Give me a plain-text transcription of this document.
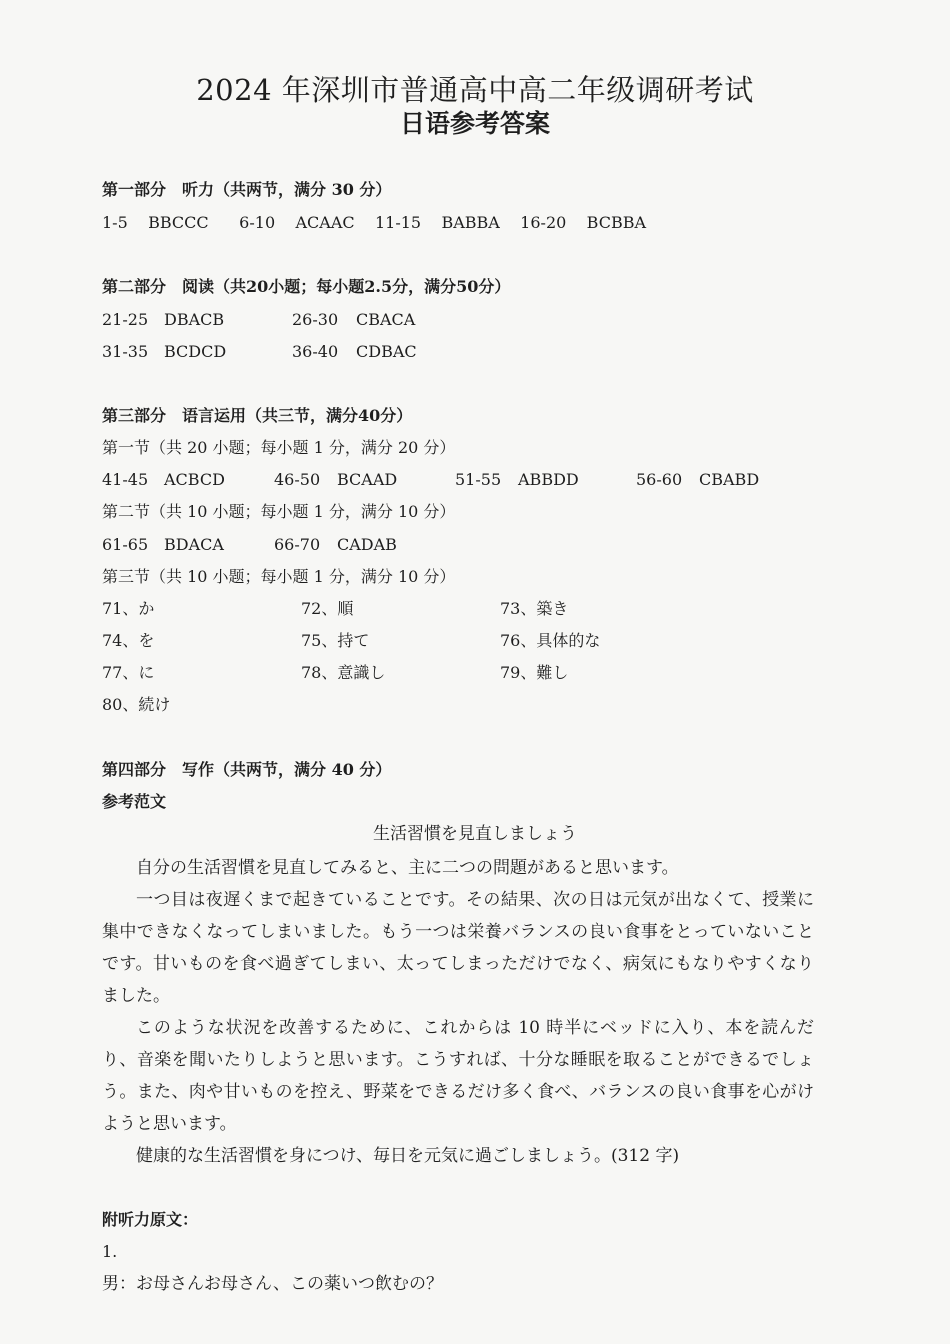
2024 年深圳市普通高中高二年级调研考试
日语参考答案
第一部分　听力（共两节，满分 30 分）
1-5 BBCCC 6-10 ACAAC 11-15 BABBA 16-20 BCBBA
第二部分　阅读（共20小题；每小题2.5分，满分50分）
21-25 DBACB	26-30 CBACA
31-35 BCDCD	36-40 CDBAC
第三部分　语言运用（共三节，满分40分）
第一节（共 20 小题；每小题 1 分，满分 20 分）
41-45 ACBCD	46-50 BCAAD	51-55 ABBDD	56-60 CBABD
第二节（共 10 小题；每小题 1 分，满分 10 分）
61-65 BDACA	66-70 CADAB
第三节（共 10 小题；每小题 1 分，满分 10 分）
71、か	72、順	73、築き
74、を	75、持て	76、具体的な
77、に	78、意識し	79、難し
80、続け
第四部分　写作（共两节，满分 40 分）
参考范文
生活習慣を見直しましょう

自分の生活習慣を見直してみると、主に二つの問題があると思います。

一つ目は夜遅くまで起きていることです。その結果、次の日は元気が出なくて、授業に集中できなくなってしまいました。もう一つは栄養バランスの良い食事をとっていないことです。甘いものを食べ過ぎてしまい、太ってしまっただけでなく、病気にもなりやすくなりました。

このような状況を改善するために、これからは 10 時半にベッドに入り、本を読んだり、音楽を聞いたりしようと思います。こうすれば、十分な睡眠を取ることができるでしょう。また、肉や甘いものを控え、野菜をできるだけ多く食べ、バランスの良い食事を心がけようと思います。

健康的な生活習慣を身につけ、毎日を元気に過ごしましょう。(312 字)

附听力原文：
1.
男：お母さんお母さん、この薬いつ飲むの？
